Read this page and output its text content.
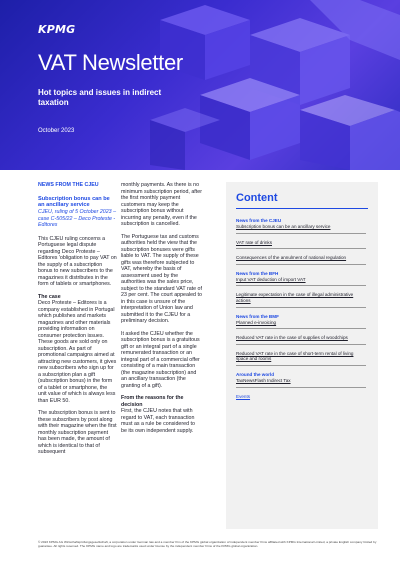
KPMG
VAT Newsletter
Hot topics and issues in indirect taxation
October 2023
NEWS FROM THE CJEU
Subscription bonus can be an ancillary service
CJEU, ruling of 5 October 2023 – case C-505/22 – Deco Proteste - Editores

This CJEU ruling concerns a Portuguese legal dispute regarding Deco Proteste – Editores 'obligation to pay VAT on the supply of a subscription bonus to new subscribers to the magazines it distributes in the form of tablets or smartphones.

The case

Deco Proteste – Editores is a company established in Portugal which publishes and markets magazines and other materials providing information on consumer protection issues. These goods are sold only on subscription. As part of promotional campaigns aimed at attracting new customers, it gives new subscribers who sign up for a subscription plan a gift (subscription bonus) in the form of a tablet or smartphone, the unit value of which is always less than EUR 50.

The subscription bonus is sent to these subscribers by post along with their magazine when the first monthly subscription payment has been made, the amount of which is identical to that of subsequent

monthly payments. As there is no minimum subscription period, after the first monthly payment customers may keep the subscription bonus without incurring any penalty, even if the subscription is cancelled.

The Portuguese tax and customs authorities held the view that the subscription bonuses were gifts liable to VAT. The supply of these gifts was therefore subjected to VAT, whereby the basis of assessment used by the authorities was the sales price, subject to the standard VAT rate of 23 per cent. The court appealed to in this case is unsure of the interpretation of Union law and submitted it to the CJEU for a preliminary decision.

It asked the CJEU whether the subscription bonus is a gratuitous gift or an integral part of a single remunerated transaction or an integral part of a commercial offer consisting of a main transaction (the magazine subscription) and an ancillary transaction (the granting of a gift).

From the reasons for the decision

First, the CJEU notes that with regard to VAT, each transaction must as a rule be considered to be its own independent supply.

Content
News from the CJEU
Subscription bonus can be an ancillary service
VAT rate of drinks
Consequences of the annulment of national regulation
News from the BFH
Input VAT deduction of import VAT
Legitimate expectation in the case of illegal administrative actions
News from the BMF
Planned e-invoicing
Reduced VAT rate in the case of supplies of woodchips
Reduced VAT rate in the case of short-term rental of living space and rooms
Around the world
TaxNewsFlash Indirect Tax
Events
© 2023 KPMG AG Wirtschaftsprüfungsgesellschaft, a corporation under German law and a member firm of the KPMG global organization of independent member firms affiliated with KPMG International Limited, a private English company limited by guarantee. All rights reserved. The KPMG name and logo are trademarks used under license by the independent member firms of the KPMG global organization.
